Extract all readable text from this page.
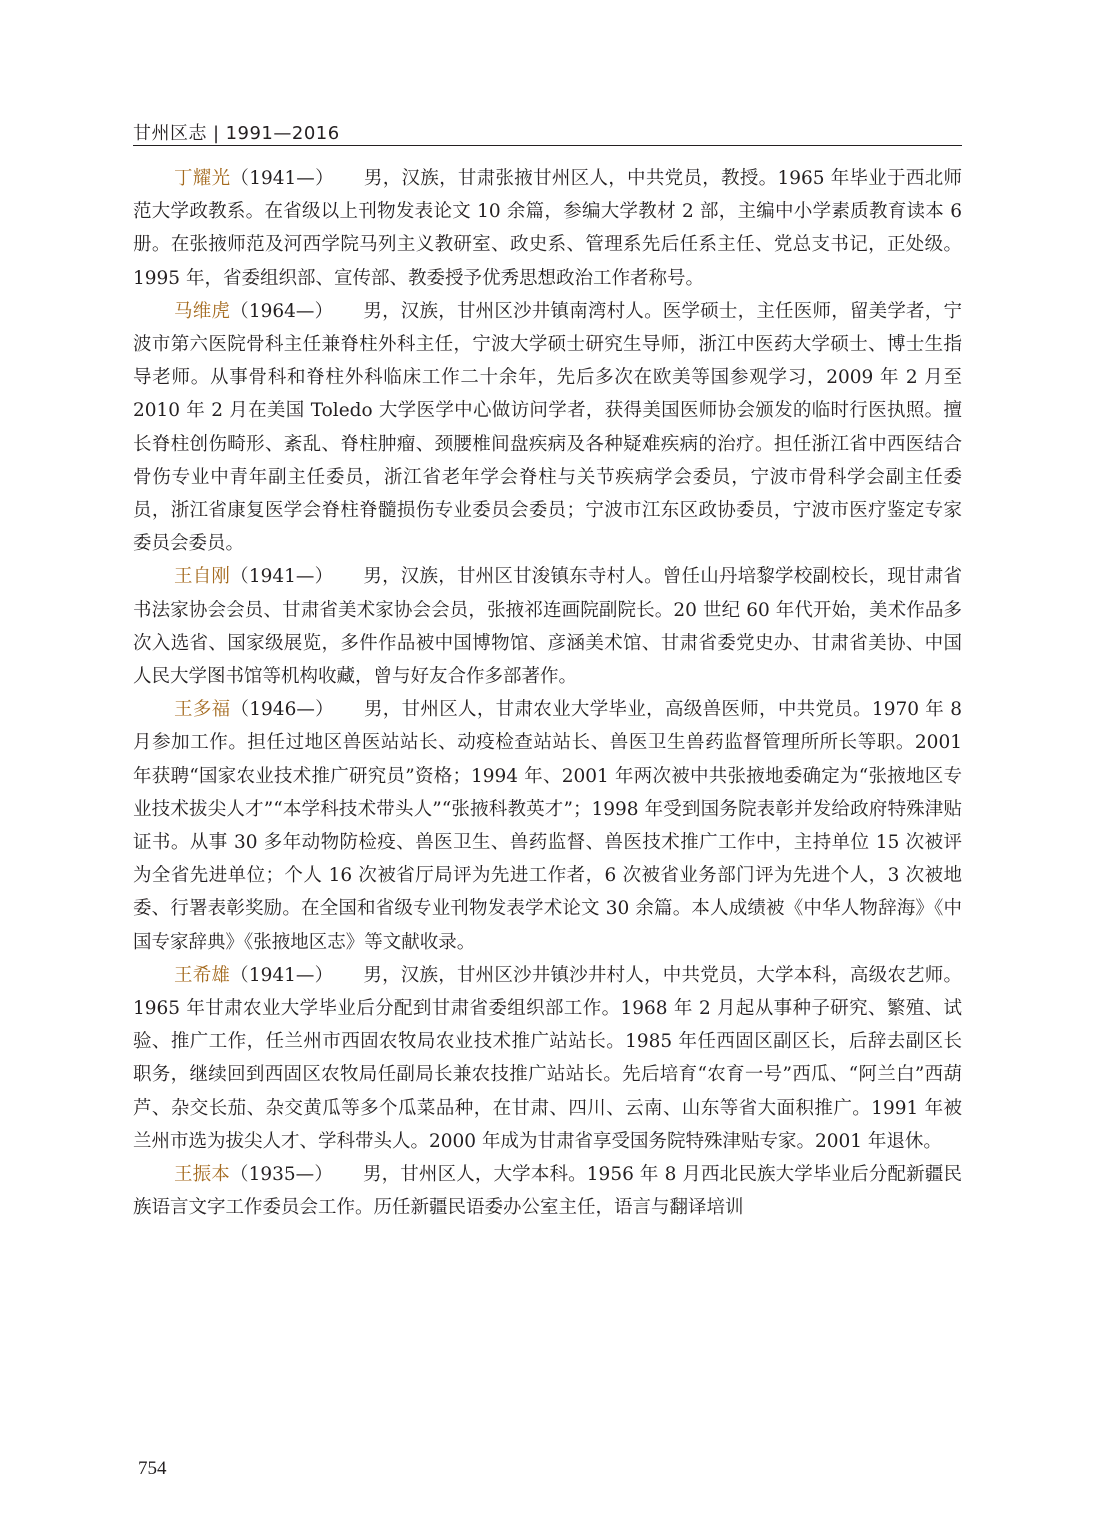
甘州区志 | 1991—2016

丁耀光（1941—） 男，汉族，甘肃张掖甘州区人，中共党员，教授。1965 年毕业于西北师范大学政教系。在省级以上刊物发表论文 10 余篇，参编大学教材 2 部，主编中小学素质教育读本 6 册。在张掖师范及河西学院马列主义教研室、政史系、管理系先后任系主任、党总支书记，正处级。1995 年，省委组织部、宣传部、教委授予优秀思想政治工作者称号。

马维虎（1964—） 男，汉族，甘州区沙井镇南湾村人。医学硕士，主任医师，留美学者，宁波市第六医院骨科主任兼脊柱外科主任，宁波大学硕士研究生导师，浙江中医药大学硕士、博士生指导老师。从事骨科和脊柱外科临床工作二十余年，先后多次在欧美等国参观学习，2009 年 2 月至 2010 年 2 月在美国 Toledo 大学医学中心做访问学者，获得美国医师协会颁发的临时行医执照。擅长脊柱创伤畸形、紊乱、脊柱肿瘤、颈腰椎间盘疾病及各种疑难疾病的治疗。担任浙江省中西医结合骨伤专业中青年副主任委员，浙江省老年学会脊柱与关节疾病学会委员，宁波市骨科学会副主任委员，浙江省康复医学会脊柱脊髓损伤专业委员会委员；宁波市江东区政协委员，宁波市医疗鉴定专家委员会委员。

王自刚（1941—） 男，汉族，甘州区甘浚镇东寺村人。曾任山丹培黎学校副校长，现甘肃省书法家协会会员、甘肃省美术家协会会员，张掖祁连画院副院长。20 世纪 60 年代开始，美术作品多次入选省、国家级展览，多件作品被中国博物馆、彦涵美术馆、甘肃省委党史办、甘肃省美协、中国人民大学图书馆等机构收藏，曾与好友合作多部著作。

王多福（1946—） 男，甘州区人，甘肃农业大学毕业，高级兽医师，中共党员。1970 年 8 月参加工作。担任过地区兽医站站长、动疫检查站站长、兽医卫生兽药监督管理所所长等职。2001 年获聘“国家农业技术推广研究员”资格；1994 年、2001 年两次被中共张掖地委确定为“张掖地区专业技术拔尖人才”“本学科技术带头人”“张掖科教英才”；1998 年受到国务院表彰并发给政府特殊津贴证书。从事 30 多年动物防检疫、兽医卫生、兽药监督、兽医技术推广工作中，主持单位 15 次被评为全省先进单位；个人 16 次被省厅局评为先进工作者，6 次被省业务部门评为先进个人，3 次被地委、行署表彰奖励。在全国和省级专业刊物发表学术论文 30 余篇。本人成绩被《中华人物辞海》《中国专家辞典》《张掖地区志》等文献收录。

王希雄（1941—） 男，汉族，甘州区沙井镇沙井村人，中共党员，大学本科，高级农艺师。1965 年甘肃农业大学毕业后分配到甘肃省委组织部工作。1968 年 2 月起从事种子研究、繁殖、试验、推广工作，任兰州市西固农牧局农业技术推广站站长。1985 年任西固区副区长，后辞去副区长职务，继续回到西固区农牧局任副局长兼农技推广站站长。先后培育“农育一号”西瓜、“阿兰白”西葫芦、杂交长茄、杂交黄瓜等多个瓜菜品种，在甘肃、四川、云南、山东等省大面积推广。1991 年被兰州市选为拔尖人才、学科带头人。2000 年成为甘肃省享受国务院特殊津贴专家。2001 年退休。

王振本（1935—） 男，甘州区人，大学本科。1956 年 8 月西北民族大学毕业后分配新疆民族语言文字工作委员会工作。历任新疆民语委办公室主任，语言与翻译培训

754
